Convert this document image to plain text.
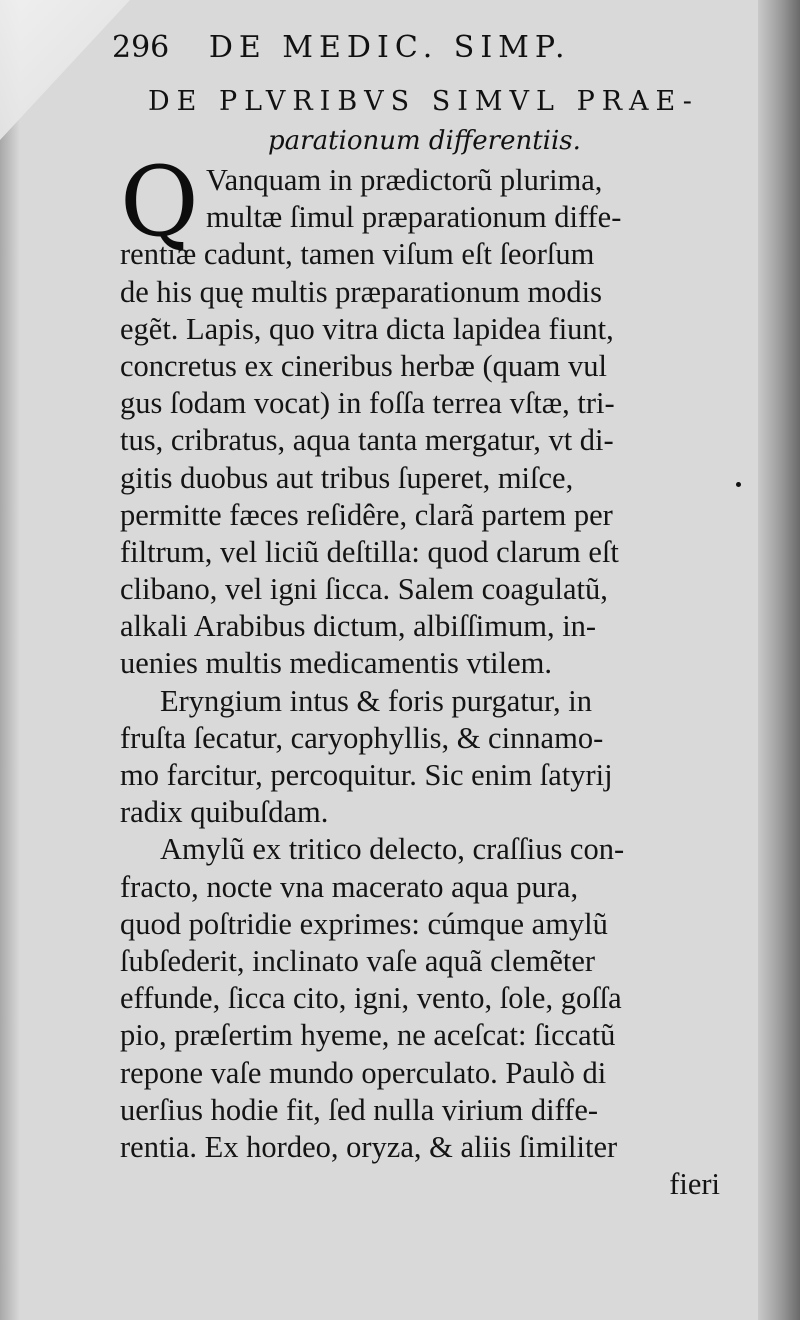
296 DE MEDIC. SIMP.
DE PLVRIBVS SIMVL PRAE-
parationum differentiis.
Q Vanquam in prædictorũ plurima,
multæ ſimul præparationum diffe-
rentiæ cadunt, tamen viſum eſt ſeorſum
de his quę multis præparationum modis
egẽt. Lapis, quo vitra dicta lapidea fiunt,
concretus ex cineribus herbæ (quam vul
gus ſodam vocat) in foſſa terrea vſtæ, tri-
tus, cribratus, aqua tanta mergatur, vt di-
gitis duobus aut tribus ſuperet, miſce,
permitte fæces reſidêre, clarã partem per
filtrum, vel liciũ deſtilla: quod clarum eſt
clibano, vel igni ſicca. Salem coagulatũ,
alkali Arabibus dictum, albiſſimum, in-
uenies multis medicamentis vtilem.
Eryngium intus & foris purgatur, in
fruſta ſecatur, caryophyllis, & cinnamo-
mo farcitur, percoquitur. Sic enim ſatyrij
radix quibuſdam.
Amylũ ex tritico delecto, craſſius con-
fracto, nocte vna macerato aqua pura,
quod poſtridie exprimes: cúmque amylũ
ſubſederit, inclinato vaſe aquã clemẽter
effunde, ſicca cito, igni, vento, ſole, goſſa
pio, præſertim hyeme, ne aceſcat: ſiccatũ
repone vaſe mundo operculato. Paulò di
uerſius hodie fit, ſed nulla virium diffe-
rentia. Ex hordeo, oryza, & aliis ſimiliter
fieri
